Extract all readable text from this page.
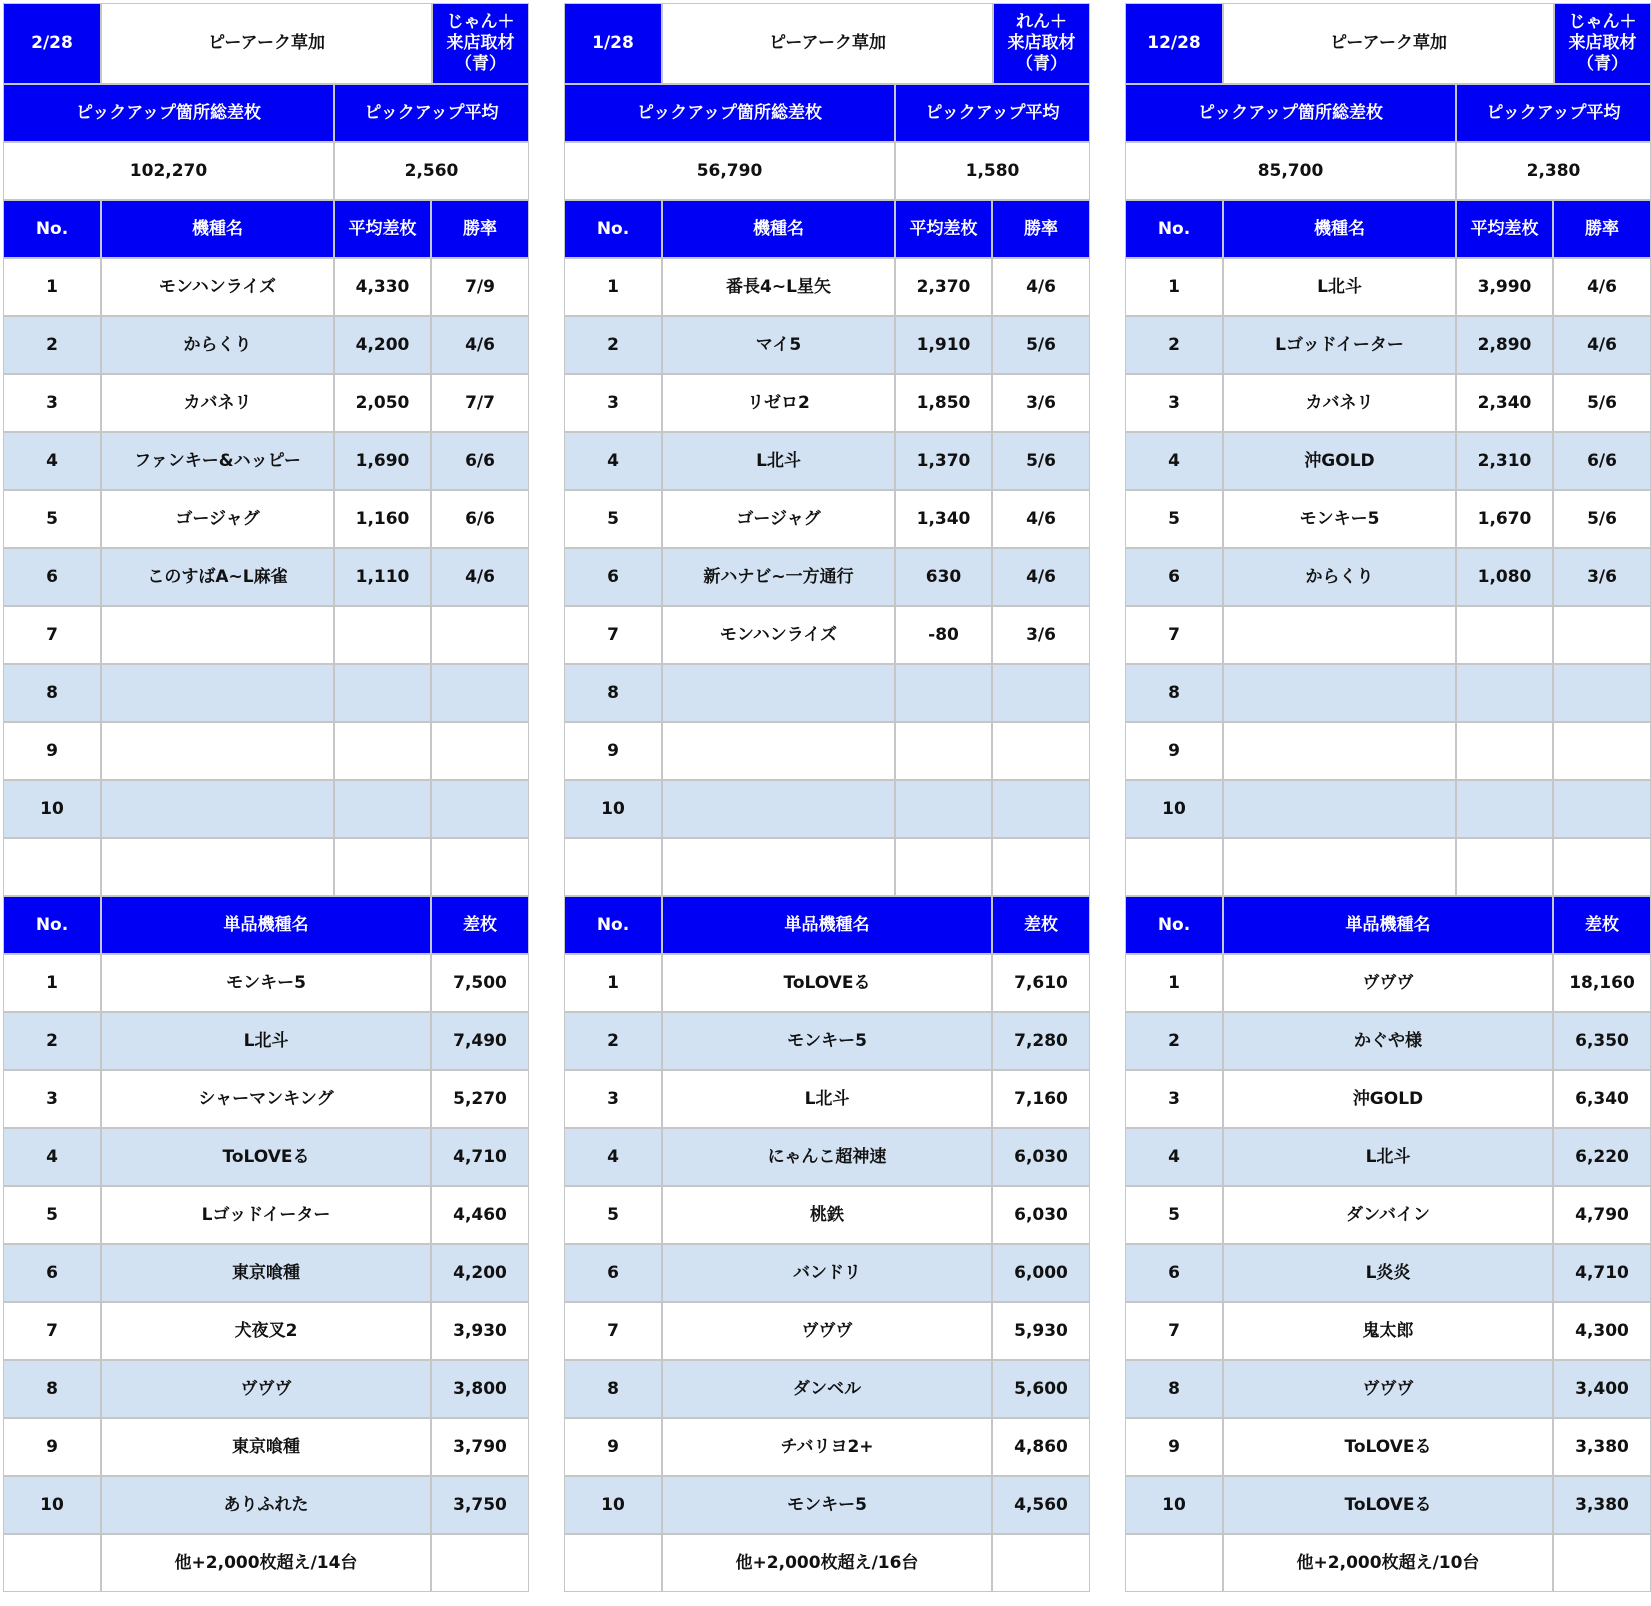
2/28	ピーアーク草加
じゃん＋
来店取材
（青）
ピックアップ箇所総差枚	ピックアップ平均
102,270	2,560
No.	機種名	平均差枚	勝率
1	モンハンライズ	4,330	7/9
2	からくり	4,200	4/6
3	カバネリ	2,050	7/7
4	ファンキー&ハッピー	1,690	6/6
5	ゴージャグ	1,160	6/6
6	このすばA~L麻雀	1,110	4/6
7
8
9
10
No.	単品機種名	差枚
1	モンキー5	7,500
2	L北斗	7,490
3	シャーマンキング	5,270
4	ToLOVEる	4,710
5	Lゴッドイーター	4,460
6	東京喰種	4,200
7	犬夜叉2	3,930
8	ヴヴヴ	3,800
9	東京喰種	3,790
10	ありふれた	3,750
他+2,000枚超え/14台
1/28	ピーアーク草加
れん＋
来店取材
（青）
ピックアップ箇所総差枚	ピックアップ平均
56,790	1,580
No.	機種名	平均差枚	勝率
1	番長4~L星矢	2,370	4/6
2	マイ5	1,910	5/6
3	リゼロ2	1,850	3/6
4	L北斗	1,370	5/6
5	ゴージャグ	1,340	4/6
6	新ハナビ~一方通行	630	4/6
7	モンハンライズ	-80	3/6
8
9
10
No.	単品機種名	差枚
1	ToLOVEる	7,610
2	モンキー5	7,280
3	L北斗	7,160
4	にゃんこ超神速	6,030
5	桃鉄	6,030
6	バンドリ	6,000
7	ヴヴヴ	5,930
8	ダンベル	5,600
9	チバリヨ2+	4,860
10	モンキー5	4,560
他+2,000枚超え/16台
12/28	ピーアーク草加
じゃん＋
来店取材
（青）
ピックアップ箇所総差枚	ピックアップ平均
85,700	2,380
No.	機種名	平均差枚	勝率
1	L北斗	3,990	4/6
2	Lゴッドイーター	2,890	4/6
3	カバネリ	2,340	5/6
4	沖GOLD	2,310	6/6
5	モンキー5	1,670	5/6
6	からくり	1,080	3/6
7
8
9
10
No.	単品機種名	差枚
1	ヴヴヴ	18,160
2	かぐや様	6,350
3	沖GOLD	6,340
4	L北斗	6,220
5	ダンバイン	4,790
6	L炎炎	4,710
7	鬼太郎	4,300
8	ヴヴヴ	3,400
9	ToLOVEる	3,380
10	ToLOVEる	3,380
他+2,000枚超え/10台
